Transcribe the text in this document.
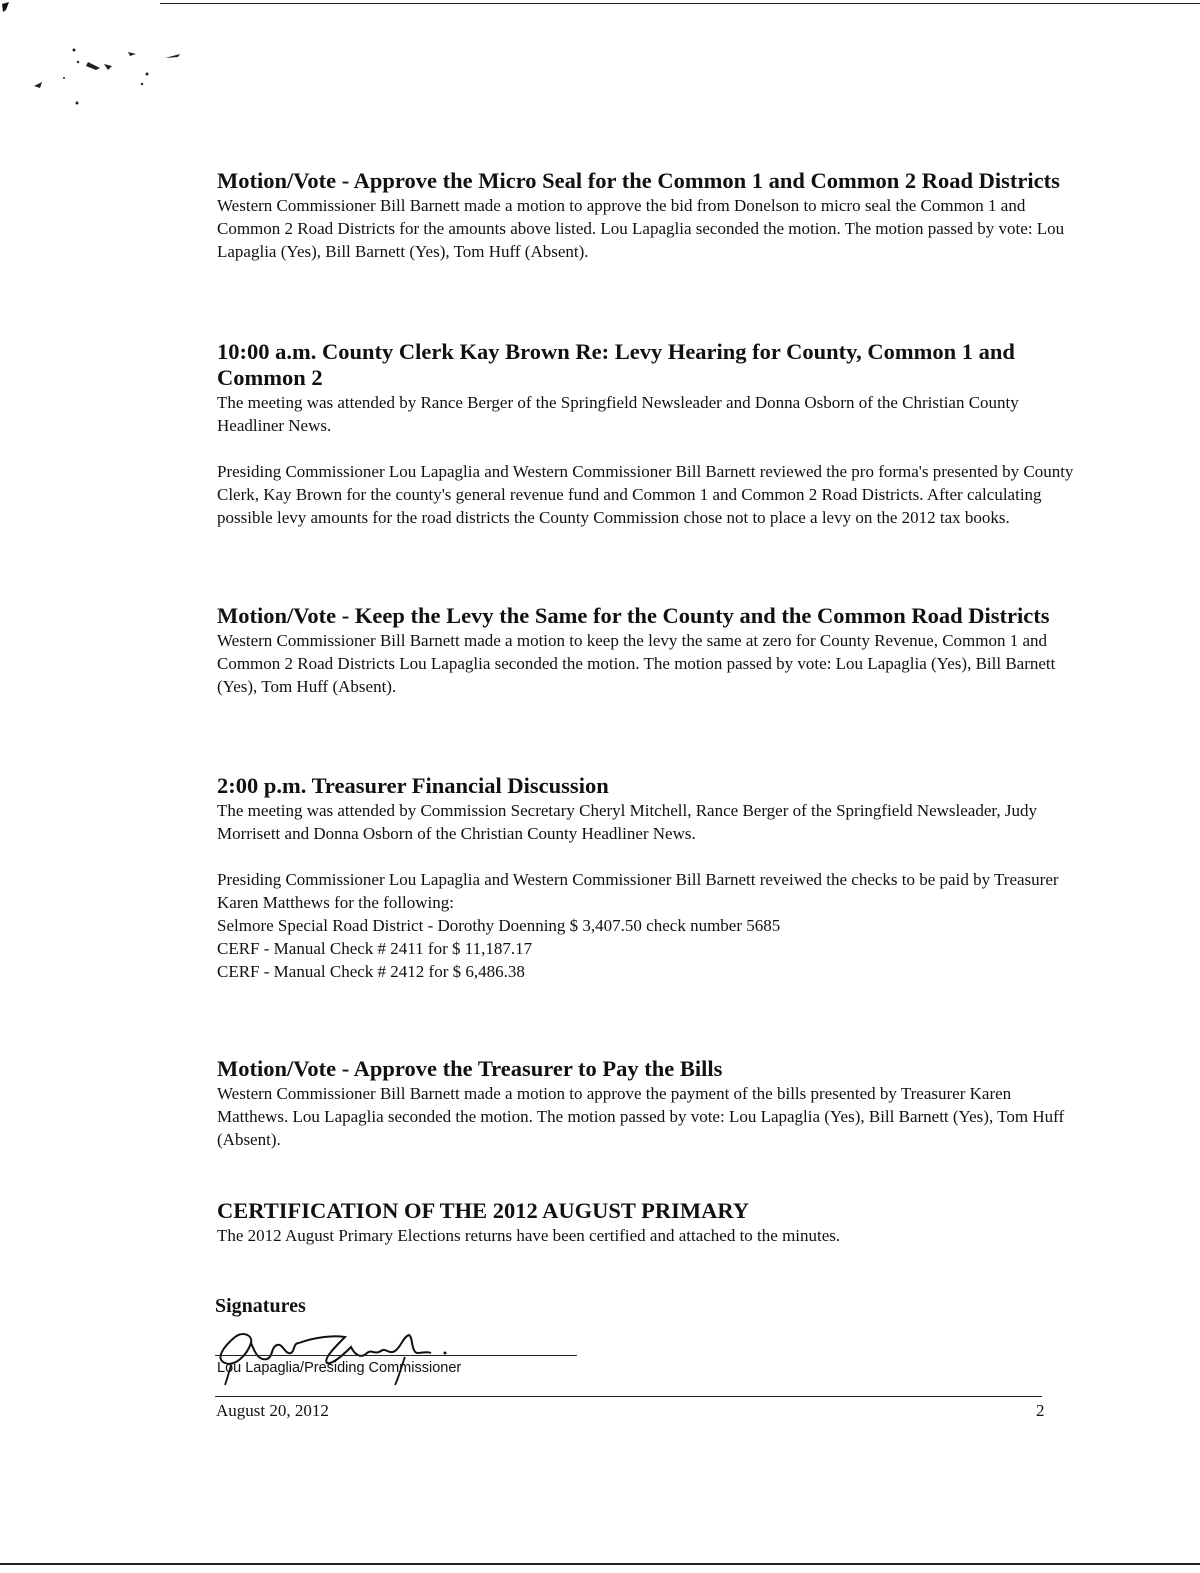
Motion/Vote - Approve the Micro Seal for the Common 1 and Common 2 Road Districts

Western Commissioner Bill Barnett made a motion to approve the bid from Donelson to micro seal the Common 1 and Common 2 Road Districts for the amounts above listed. Lou Lapaglia seconded the motion. The motion passed by vote: Lou Lapaglia (Yes), Bill Barnett (Yes), Tom Huff (Absent).

10:00 a.m. County Clerk Kay Brown Re: Levy Hearing for County, Common 1 and Common 2

The meeting was attended by Rance Berger of the Springfield Newsleader and Donna Osborn of the Christian County Headliner News.

Presiding Commissioner Lou Lapaglia and Western Commissioner Bill Barnett reviewed the pro forma's presented by County Clerk, Kay Brown for the county's general revenue fund and Common 1 and Common 2 Road Districts. After calculating possible levy amounts for the road districts the County Commission chose not to place a levy on the 2012 tax books.

Motion/Vote - Keep the Levy the Same for the County and the Common Road Districts

Western Commissioner Bill Barnett made a motion to keep the levy the same at zero for County Revenue, Common 1 and Common 2 Road Districts Lou Lapaglia seconded the motion. The motion passed by vote: Lou Lapaglia (Yes), Bill Barnett (Yes), Tom Huff (Absent).

2:00 p.m. Treasurer Financial Discussion

The meeting was attended by Commission Secretary Cheryl Mitchell, Rance Berger of the Springfield Newsleader, Judy Morrisett and Donna Osborn of the Christian County Headliner News.

Presiding Commissioner Lou Lapaglia and Western Commissioner Bill Barnett reveiwed the checks to be paid by Treasurer Karen Matthews for the following:

Selmore Special Road District - Dorothy Doenning $ 3,407.50 check number 5685

CERF - Manual Check # 2411 for $ 11,187.17

CERF - Manual Check # 2412 for $ 6,486.38

Motion/Vote - Approve the Treasurer to Pay the Bills

Western Commissioner Bill Barnett made a motion to approve the payment of the bills presented by Treasurer Karen Matthews. Lou Lapaglia seconded the motion. The motion passed by vote: Lou Lapaglia (Yes), Bill Barnett (Yes), Tom Huff (Absent).

CERTIFICATION OF THE 2012 AUGUST PRIMARY

The 2012 August Primary Elections returns have been certified and attached to the minutes.

Signatures

Lou Lapaglia/Presiding Commissioner

August 20, 2012	2
